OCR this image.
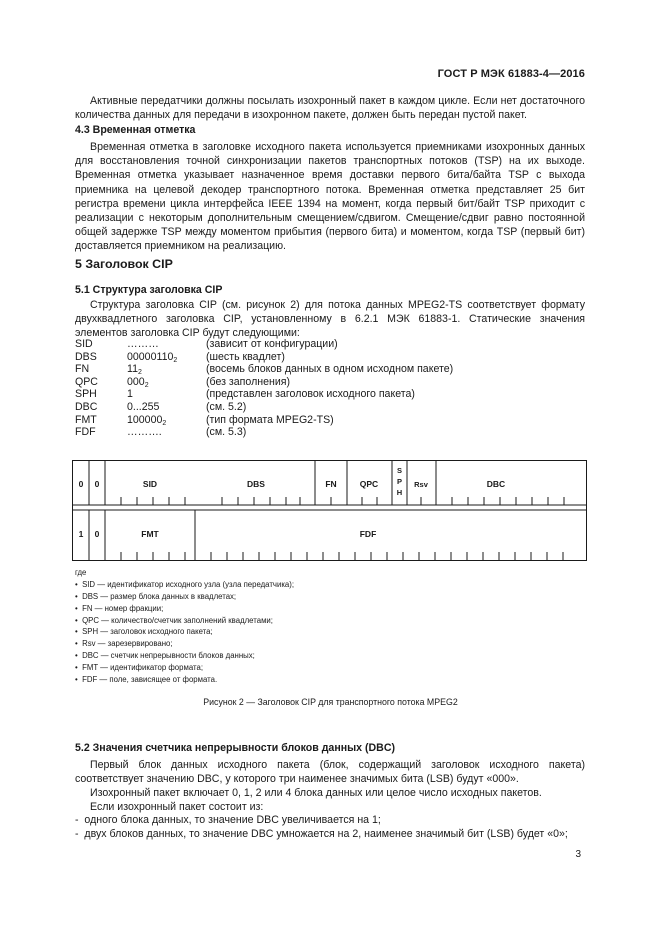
ГОСТ Р МЭК 61883-4—2016
Активные передатчики должны посылать изохронный пакет в каждом цикле. Если нет достаточного количества данных для передачи в изохронном пакете, должен быть передан пустой пакет.
4.3 Временная отметка
Временная отметка в заголовке исходного пакета используется приемниками изохронных данных для восстановления точной синхронизации пакетов транспортных потоков (TSP) на их выходе. Временная отметка указывает назначенное время доставки первого бита/байта TSP с выхода приемника на целевой декодер транспортного потока. Временная отметка представляет 25 бит регистра времени цикла интерфейса IEEE 1394 на момент, когда первый бит/байт TSP приходит с реализации с некоторым дополнительным смещением/сдвигом. Смещение/сдвиг равно постоянной общей задержке TSP между моментом прибытия (первого бита) и моментом, когда TSP (первый бит) доставляется приемником на реализацию.
5 Заголовок CIP
5.1 Структура заголовка CIP
Структура заголовка CIP (см. рисунок 2) для потока данных MPEG2-TS соответствует формату двухквадлетного заголовка CIP, установленному в 6.2.1 МЭК 61883-1. Статические значения элементов заголовка CIP будут следующими:
SID	………	(зависит от конфигурации)
DBS	$00000110_2$	(шесть квадлет)
FN	$11_2$	(восемь блоков данных в одном исходном пакете)
QPC	$000_2$	(без заполнения)
SPH	1	(представлен заголовок исходного пакета)
DBC	0...255	(см. 5.2)
FMT	$100000_2$	(тип формата MPEG2-TS)
FDF	……….	(см. 5.3)
0 0	SID	DBS	FN	QPC
S
P
H
Rsv	DBC
1 0	FMT	FDF
где
•  SID — идентификатор исходного узла (узла передатчика);
•  DBS — размер блока данных в квадлетах;
•  FN — номер фракции;
•  QPC — количество/счетчик заполнений квадлетами;
•  SPH — заголовок исходного пакета;
•  Rsv — зарезервировано;
•  DBC — счетчик непрерывности блоков данных;
•  FMT — идентификатор формата;
•  FDF — поле, зависящее от формата.
Рисунок 2 — Заголовок CIP для транспортного потока MPEG2
5.2 Значения счетчика непрерывности блоков данных (DBC)
Первый блок данных исходного пакета (блок, содержащий заголовок исходного пакета) соответствует значению DBC, у которого три наименее значимых бита (LSB) будут «000».
Изохронный пакет включает 0, 1, 2 или 4 блока данных или целое число исходных пакетов.
Если изохронный пакет состоит из:
-  одного блока данных, то значение DBC увеличивается на 1;
-  двух блоков данных, то значение DBC умножается на 2, наименее значимый бит (LSB) будет «0»;
3
